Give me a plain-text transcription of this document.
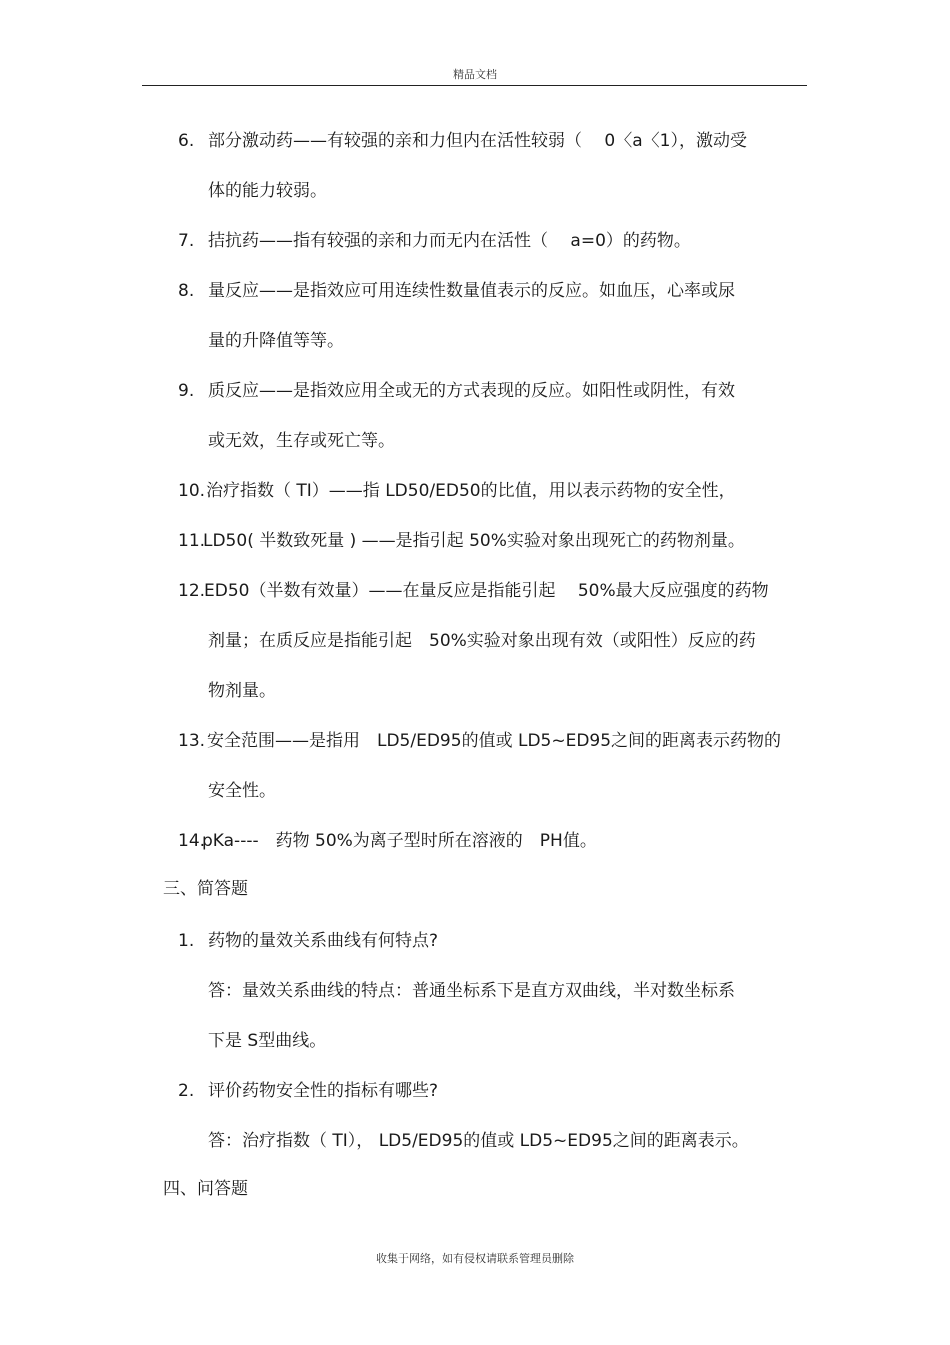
精品文档
6. 部分激动药——有较强的亲和力但内在活性较弱（　 0〈a〈1），激动受
体的能力较弱。
7. 拮抗药——指有较强的亲和力而无内在活性（　 a=0）的药物。
8. 量反应——是指效应可用连续性数量值表示的反应。如血压，心率或尿
量的升降值等等。
9. 质反应——是指效应用全或无的方式表现的反应。如阳性或阴性，有效
或无效，生存或死亡等。
10. 治疗指数（ TI）——指 LD50/ED50的比值，用以表示药物的安全性，
11.
LD50( 半数致死量 ) ——是指引起 50%实验对象出现死亡的药物剂量。
12.
ED50（半数有效量）——在量反应是指能引起　 50%最大反应强度的药物
剂量；在质反应是指能引起　50%实验对象出现有效（或阳性）反应的药
物剂量。
13. 安全范围——是指用　LD5/ED95的值或 LD5~ED95之间的距离表示药物的
安全性。
14.
pKa----　药物 50%为离子型时所在溶液的　PH值。
三、简答题
1. 药物的量效关系曲线有何特点?
答：量效关系曲线的特点：普通坐标系下是直方双曲线，半对数坐标系
下是 S型曲线。
2. 评价药物安全性的指标有哪些?
答：治疗指数（ TI）， LD5/ED95的值或 LD5~ED95之间的距离表示。
四、问答题
收集于网络，如有侵权请联系管理员删除
